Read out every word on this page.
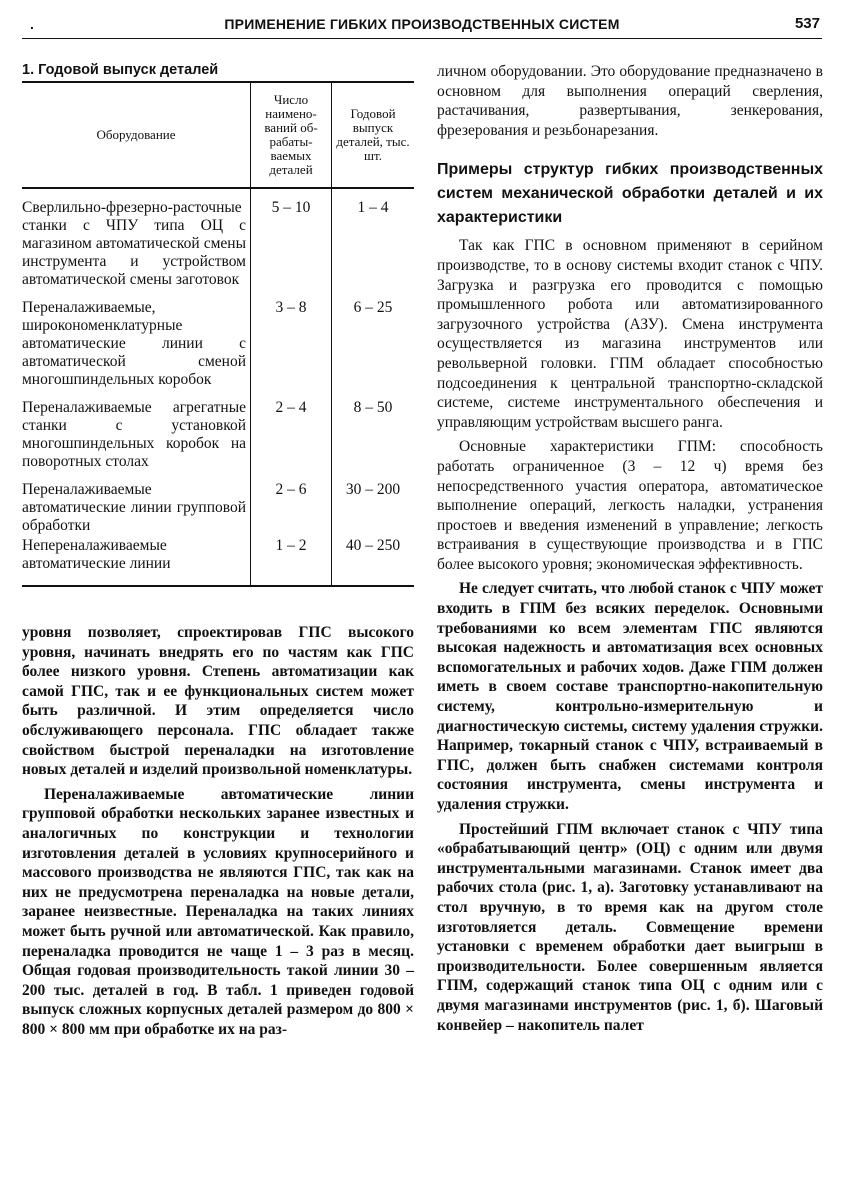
.	ПРИМЕНЕНИЕ ГИБКИХ ПРОИЗВОДСТВЕННЫХ СИСТЕМ	537
1. Годовой выпуск деталей
Оборудование	Число наимено-ваний об-рабаты-ваемых деталей	Годовой выпуск деталей, тыс. шт.
Сверлильно-фрезерно-расточные станки с ЧПУ типа ОЦ с магазином автоматической смены инструмента и устройством автоматической смены заготовок	5 – 10	1 – 4
Переналаживаемые, широкономенклатурные автоматические линии с автоматической сменой многошпиндельных коробок	3 – 8	6 – 25
Переналаживаемые агрегатные станки с установкой многошпиндельных коробок на поворотных столах	2 – 4	8 – 50
Переналаживаемые автоматические линии групповой обработки	2 – 6	30 – 200
Непереналаживаемые автоматические линии	1 – 2	40 – 250

уровня позволяет, спроектировав ГПС высокого уровня, начинать внедрять его по частям как ГПС более низкого уровня. Степень автоматизации как самой ГПС, так и ее функциональных систем может быть различной. И этим определяется число обслуживающего персонала. ГПС обладает также свойством быстрой переналадки на изготовление новых деталей и изделий произвольной номенклатуры.

Переналаживаемые автоматические линии групповой обработки нескольких заранее известных и аналогичных по конструкции и технологии изготовления деталей в условиях крупносерийного и массового производства не являются ГПС, так как на них не предусмотрена переналадка на новые детали, заранее неизвестные. Переналадка на таких линиях может быть ручной или автоматической. Как правило, переналадка проводится не чаще 1 – 3 раз в месяц. Общая годовая производительность такой линии 30 – 200 тыс. деталей в год. В табл. 1 приведен годовой выпуск сложных корпусных деталей размером до 800 × 800 × 800 мм при обработке их на раз-

личном оборудовании. Это оборудование предназначено в основном для выполнения операций сверления, растачивания, развертывания, зенкерования, фрезерования и резьбонарезания.

Примеры структур гибких производственных систем механической обработки деталей и их характеристики

Так как ГПС в основном применяют в серийном производстве, то в основу системы входит станок с ЧПУ. Загрузка и разгрузка его проводится с помощью промышленного робота или автоматизированного загрузочного устройства (АЗУ). Смена инструмента осуществляется из магазина инструментов или револьверной головки. ГПМ обладает способностью подсоединения к центральной транспортно-складской системе, системе инструментального обеспечения и управляющим устройствам высшего ранга.

Основные характеристики ГПМ: способность работать ограниченное (3 – 12 ч) время без непосредственного участия оператора, автоматическое выполнение операций, легкость наладки, устранения простоев и введения изменений в управление; легкость встраивания в существующие производства и в ГПС более высокого уровня; экономическая эффективность.

Не следует считать, что любой станок с ЧПУ может входить в ГПМ без всяких переделок. Основными требованиями ко всем элементам ГПС являются высокая надежность и автоматизация всех основных вспомогательных и рабочих ходов. Даже ГПМ должен иметь в своем составе транспортно-накопительную систему, контрольно-измерительную и диагностическую системы, систему удаления стружки. Например, токарный станок с ЧПУ, встраиваемый в ГПС, должен быть снабжен системами контроля состояния инструмента, смены инструмента и удаления стружки.

Простейший ГПМ включает станок с ЧПУ типа «обрабатывающий центр» (ОЦ) с одним или двумя инструментальными магазинами. Станок имеет два рабочих стола (рис. 1, а). Заготовку устанавливают на стол вручную, в то время как на другом столе изготовляется деталь. Совмещение времени установки с временем обработки дает выигрыш в производительности. Более совершенным является ГПМ, содержащий станок типа ОЦ с одним или с двумя магазинами инструментов (рис. 1, б). Шаговый конвейер – накопитель палет
